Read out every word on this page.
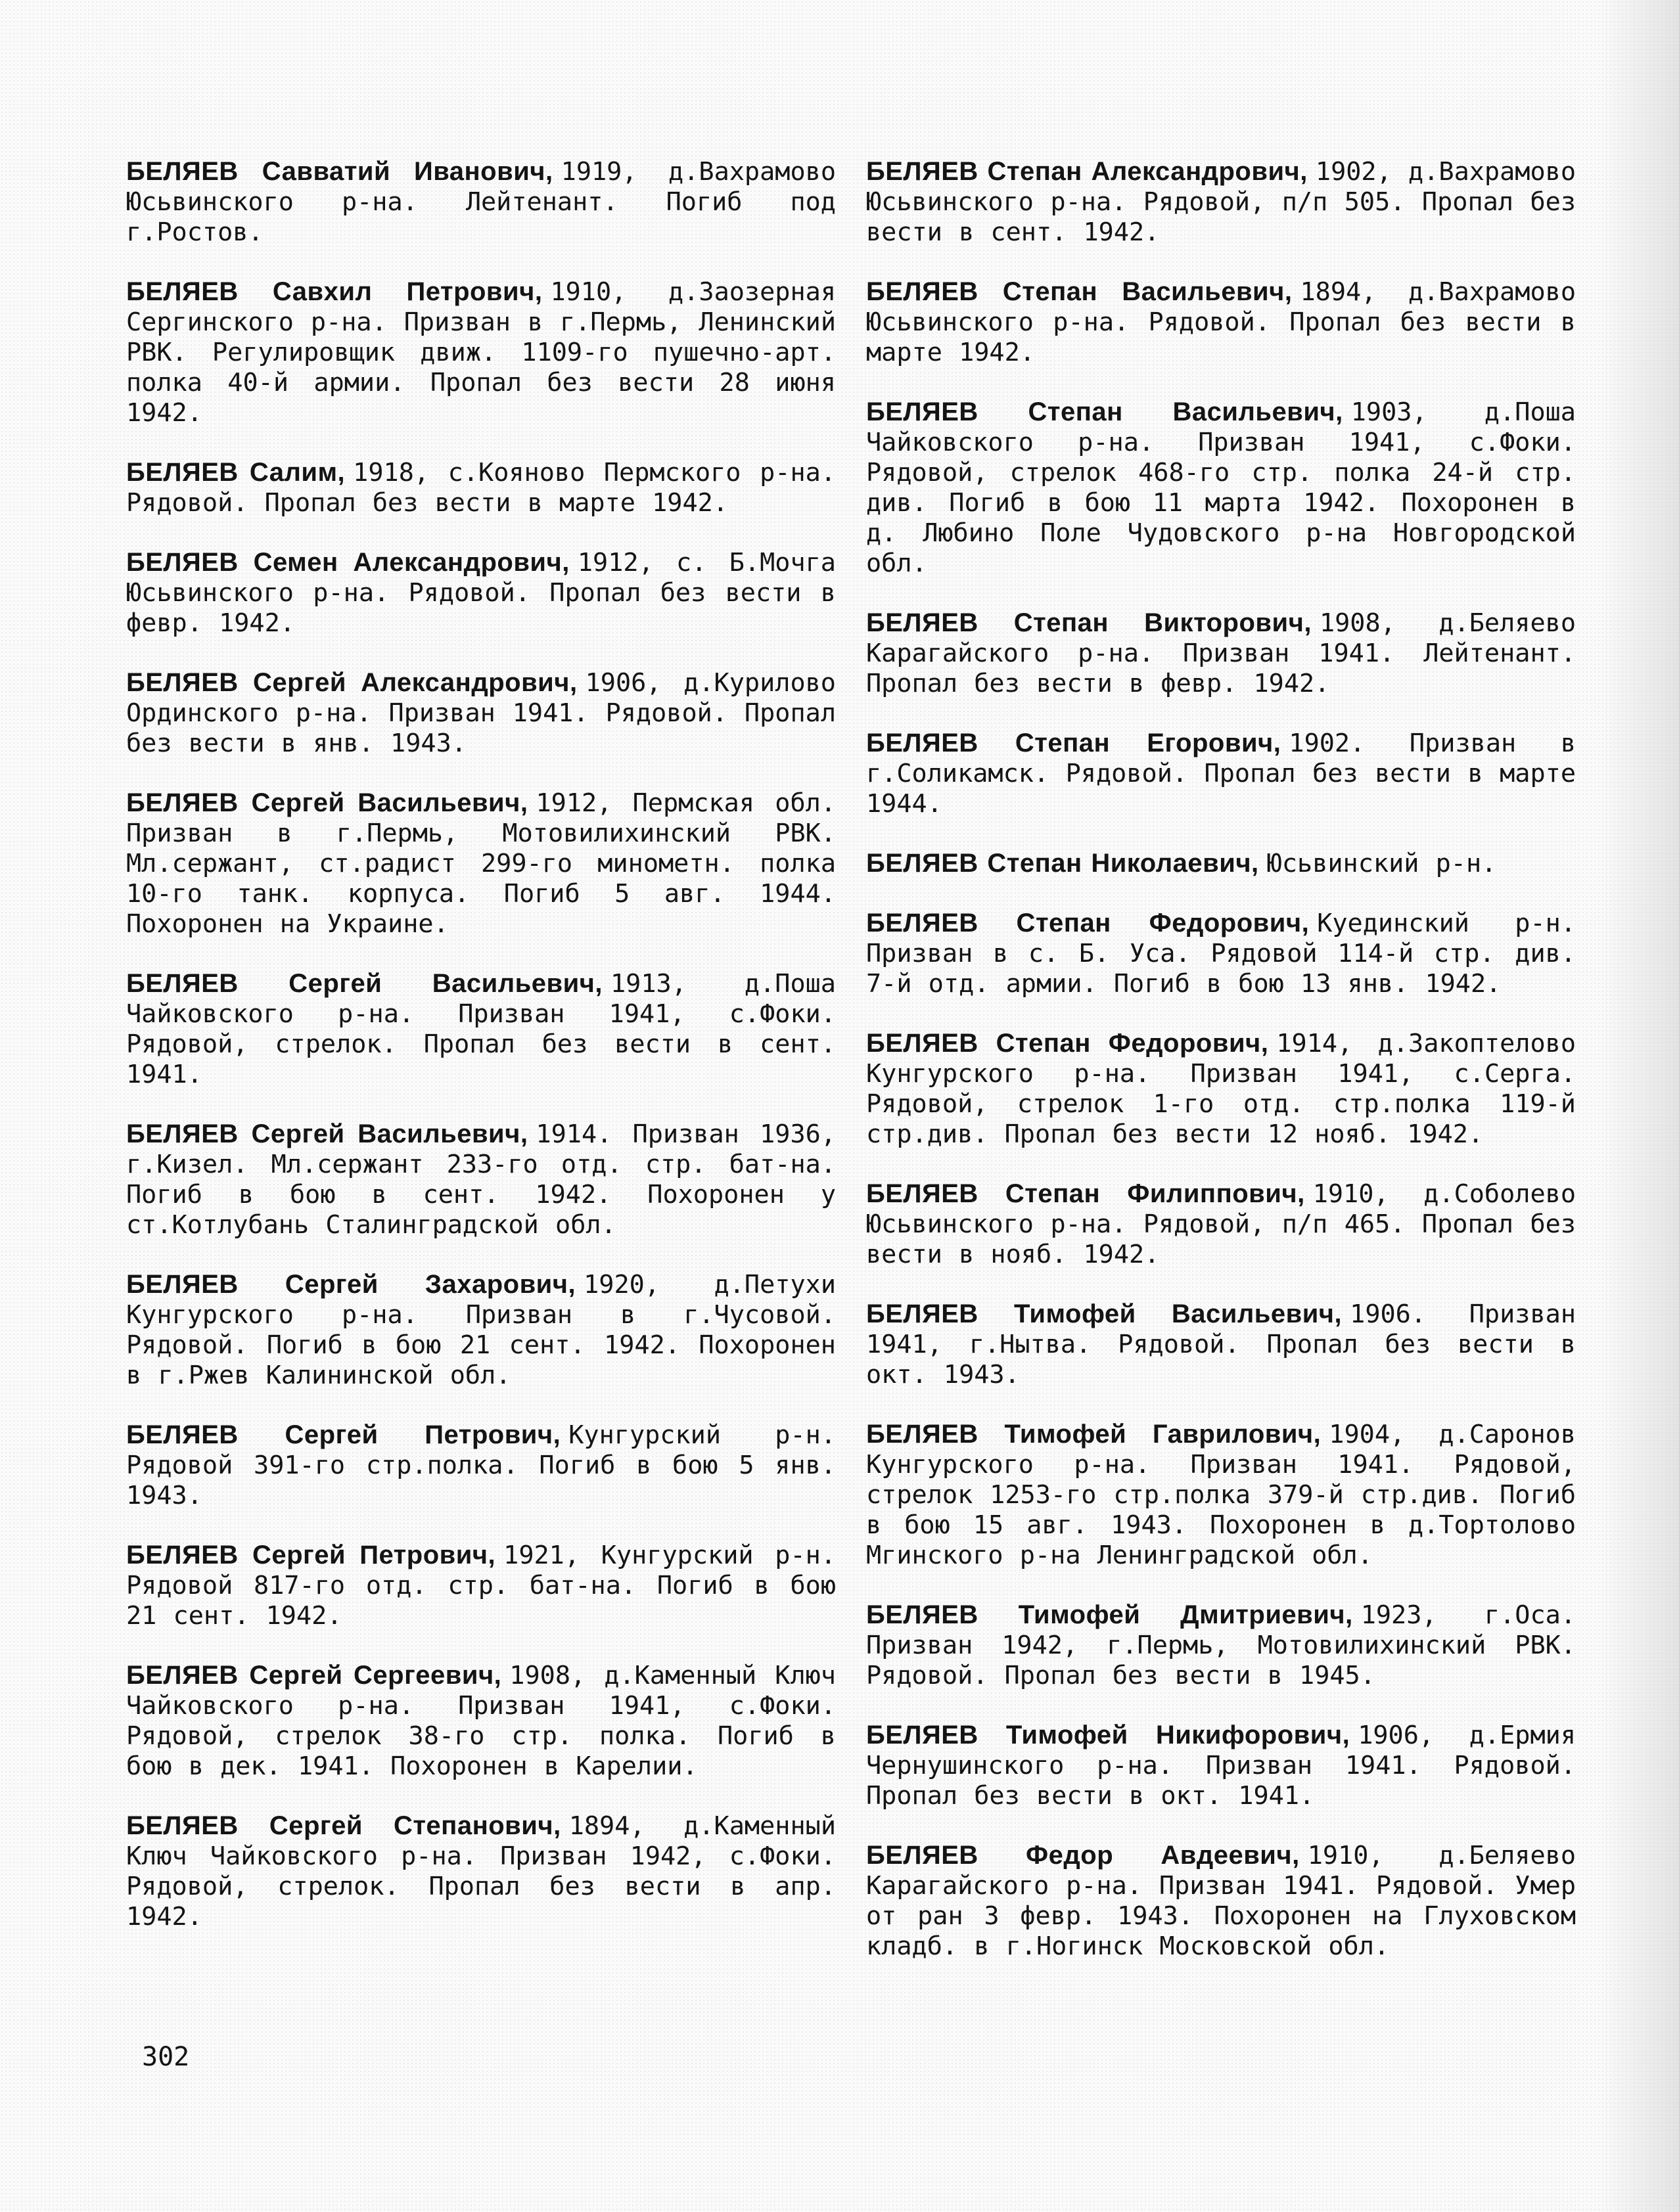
БЕЛЯЕВ Савватий Иванович, 1919, д.Вахрамово Юсьвинского р-на. Лейтенант. Погиб под г.Ростов.

БЕЛЯЕВ Савхил Петрович, 1910, д.Заозерная Сергинского р-на. Призван в г.Пермь, Ленинский РВК. Регулировщик движ. 1109-го пушечно-арт. полка 40-й армии. Пропал без вести 28 июня 1942.

БЕЛЯЕВ Салим, 1918, с.Кояново Пермского р-на. Рядовой. Пропал без вести в марте 1942.

БЕЛЯЕВ Семен Александрович, 1912, с. Б.Мочга Юсьвинского р-на. Рядовой. Пропал без вести в февр. 1942.

БЕЛЯЕВ Сергей Александрович, 1906, д.Курилово Ординского р-на. Призван 1941. Рядовой. Пропал без вести в янв. 1943.

БЕЛЯЕВ Сергей Васильевич, 1912, Пермская обл. Призван в г.Пермь, Мотовилихинский РВК. Мл.сержант, ст.радист 299-го минометн. полка 10-го танк. корпуса. Погиб 5 авг. 1944. Похоронен на Украине.

БЕЛЯЕВ Сергей Васильевич, 1913, д.Поша Чайковского р-на. Призван 1941, с.Фоки. Рядовой, стрелок. Пропал без вести в сент. 1941.

БЕЛЯЕВ Сергей Васильевич, 1914. Призван 1936, г.Кизел. Мл.сержант 233-го отд. стр. бат-на. Погиб в бою в сент. 1942. Похоронен у ст.Котлубань Сталинградской обл.

БЕЛЯЕВ Сергей Захарович, 1920, д.Петухи Кунгурского р-на. Призван в г.Чусовой. Рядовой. Погиб в бою 21 сент. 1942. Похоронен в г.Ржев Калининской обл.

БЕЛЯЕВ Сергей Петрович, Кунгурский р-н. Рядовой 391-го стр.полка. Погиб в бою 5 янв. 1943.

БЕЛЯЕВ Сергей Петрович, 1921, Кунгурский р-н. Рядовой 817-го отд. стр. бат-на. Погиб в бою 21 сент. 1942.

БЕЛЯЕВ Сергей Сергеевич, 1908, д.Каменный Ключ Чайковского р-на. Призван 1941, с.Фоки. Рядовой, стрелок 38-го стр. полка. Погиб в бою в дек. 1941. Похоронен в Карелии.

БЕЛЯЕВ Сергей Степанович, 1894, д.Каменный Ключ Чайковского р-на. Призван 1942, с.Фоки. Рядовой, стрелок. Пропал без вести в апр. 1942.

БЕЛЯЕВ Степан Александрович, 1902, д.Вахрамово Юсьвинского р-на. Рядовой, п/п 505. Пропал без вести в сент. 1942.

БЕЛЯЕВ Степан Васильевич, 1894, д.Вахрамово Юсьвинского р-на. Рядовой. Пропал без вести в марте 1942.

БЕЛЯЕВ Степан Васильевич, 1903, д.Поша Чайковского р-на. Призван 1941, с.Фоки. Рядовой, стрелок 468-го стр. полка 24-й стр. див. Погиб в бою 11 марта 1942. Похоронен в д. Любино Поле Чудовского р-на Новгородской обл.

БЕЛЯЕВ Степан Викторович, 1908, д.Беляево Карагайского р-на. Призван 1941. Лейтенант. Пропал без вести в февр. 1942.

БЕЛЯЕВ Степан Егорович, 1902. Призван в г.Соликамск. Рядовой. Пропал без вести в марте 1944.

БЕЛЯЕВ Степан Николаевич, Юсьвинский р-н.

БЕЛЯЕВ Степан Федорович, Куединский р-н. Призван в с. Б. Уса. Рядовой 114-й стр. див. 7-й отд. армии. Погиб в бою 13 янв. 1942.

БЕЛЯЕВ Степан Федорович, 1914, д.Закоптелово Кунгурского р-на. Призван 1941, с.Серга. Рядовой, стрелок 1-го отд. стр.полка 119-й стр.див. Пропал без вести 12 нояб. 1942.

БЕЛЯЕВ Степан Филиппович, 1910, д.Соболево Юсьвинского р-на. Рядовой, п/п 465. Пропал без вести в нояб. 1942.

БЕЛЯЕВ Тимофей Васильевич, 1906. Призван 1941, г.Нытва. Рядовой. Пропал без вести в окт. 1943.

БЕЛЯЕВ Тимофей Гаврилович, 1904, д.Саронов Кунгурского р-на. Призван 1941. Рядовой, стрелок 1253-го стр.полка 379-й стр.див. Погиб в бою 15 авг. 1943. Похоронен в д.Тортолово Мгинского р-на Ленинградской обл.

БЕЛЯЕВ Тимофей Дмитриевич, 1923, г.Оса. Призван 1942, г.Пермь, Мотовилихинский РВК. Рядовой. Пропал без вести в 1945.

БЕЛЯЕВ Тимофей Никифорович, 1906, д.Ермия Чернушинского р-на. Призван 1941. Рядовой. Пропал без вести в окт. 1941.

БЕЛЯЕВ Федор Авдеевич, 1910, д.Беляево Карагайского р-на. Призван 1941. Рядовой. Умер от ран 3 февр. 1943. Похоронен на Глуховском кладб. в г.Ногинск Московской обл.

302
